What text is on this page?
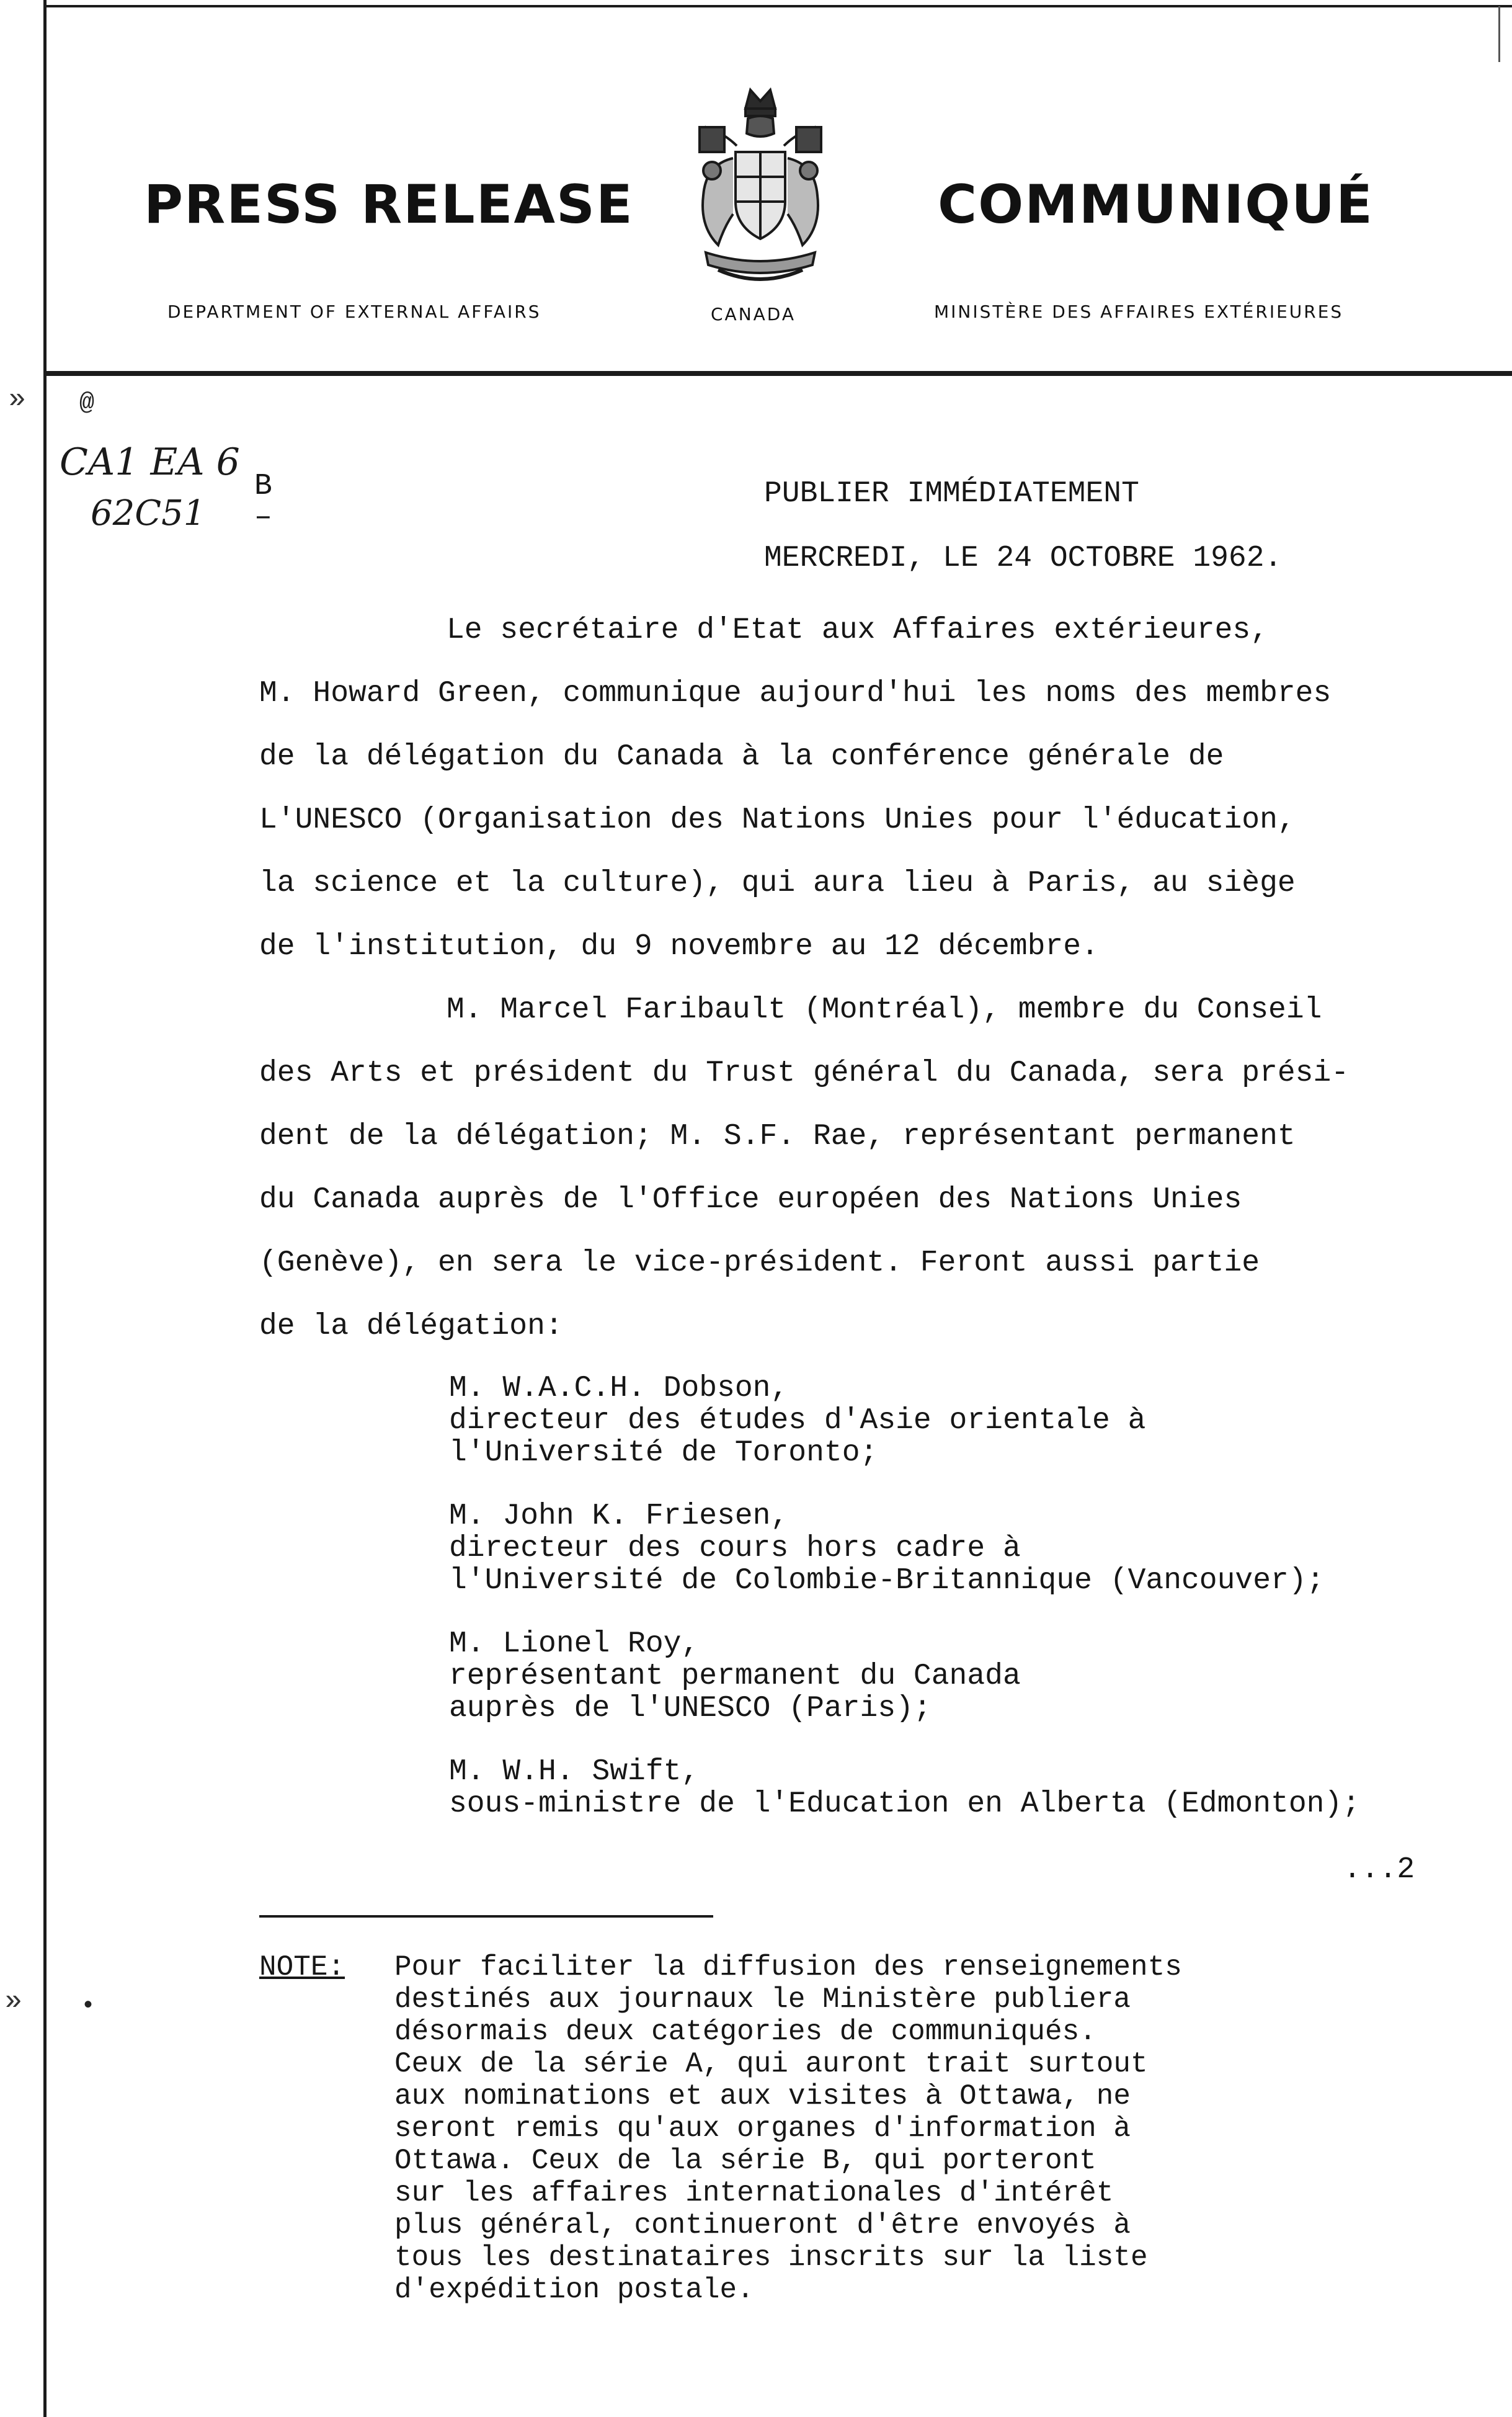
PRESS RELEASE
DEPARTMENT OF EXTERNAL AFFAIRS	CANADA
COMMUNIQUÉ
MINISTÈRE DES AFFAIRES EXTÉRIEURES
»
»
@
•
CA1 EA 6
62C51
B
–
PUBLIER IMMÉDIATEMENT
MERCREDI, LE 24 OCTOBRE 1962.
Le secrétaire d'Etat aux Affaires extérieures,
M. Howard Green, communique aujourd'hui les noms des membres
de la délégation du Canada à la conférence générale de
L'UNESCO (Organisation des Nations Unies pour l'éducation,
la science et la culture), qui aura lieu à Paris, au siège
de l'institution, du 9 novembre au 12 décembre.
M. Marcel Faribault (Montréal), membre du Conseil
des Arts et président du Trust général du Canada, sera prési-
dent de la délégation; M. S.F. Rae, représentant permanent
du Canada auprès de l'Office européen des Nations Unies
(Genève), en sera le vice-président. Feront aussi partie
de la délégation:
M. W.A.C.H. Dobson,
directeur des études d'Asie orientale à
l'Université de Toronto;
M. John K. Friesen,
directeur des cours hors cadre à
l'Université de Colombie-Britannique (Vancouver);
M. Lionel Roy,
représentant permanent du Canada
auprès de l'UNESCO (Paris);
M. W.H. Swift,
sous-ministre de l'Education en Alberta (Edmonton);
...2
NOTE: Pour faciliter la diffusion des renseignements
destinés aux journaux le Ministère publiera
désormais deux catégories de communiqués.
Ceux de la série A, qui auront trait surtout
aux nominations et aux visites à Ottawa, ne
seront remis qu'aux organes d'information à
Ottawa. Ceux de la série B, qui porteront
sur les affaires internationales d'intérêt
plus général, continueront d'être envoyés à
tous les destinataires inscrits sur la liste
d'expédition postale.
